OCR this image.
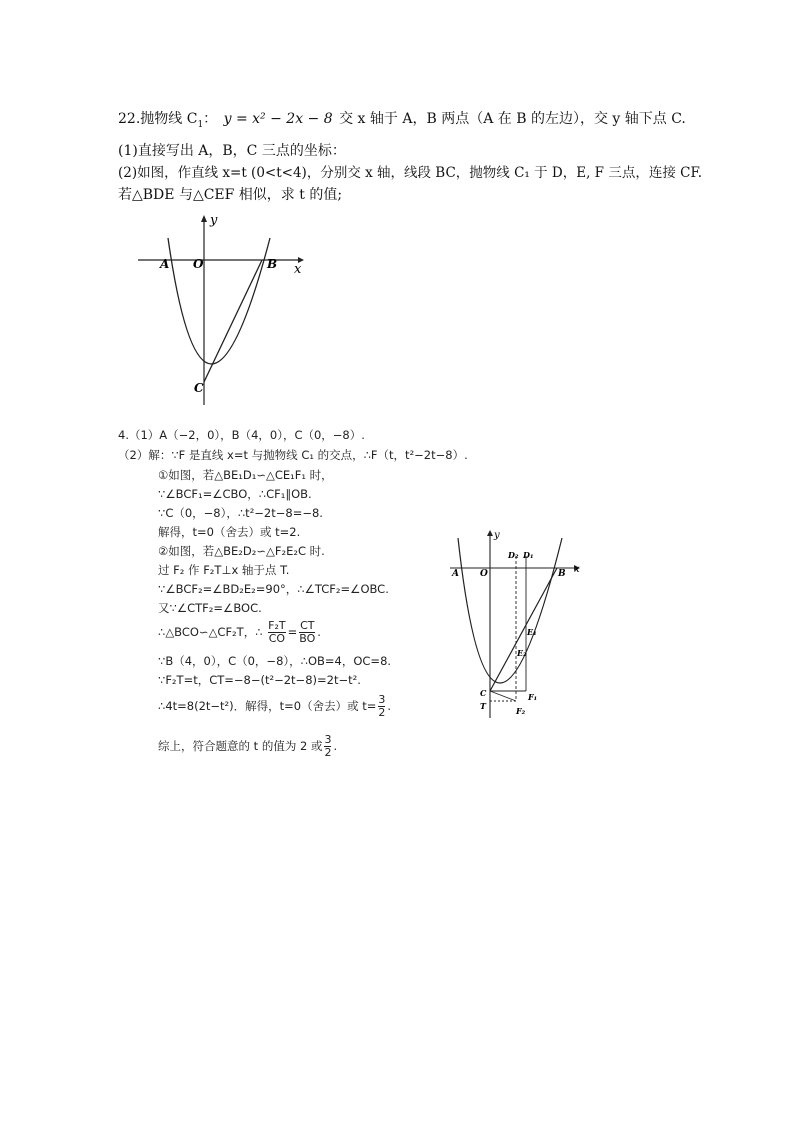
22.抛物线 $C_1$： y = x² − 2x − 8 交 x 轴于 A，B 两点（A 在 B 的左边），交 y 轴下点 C.
(1)直接写出 A，B，C 三点的坐标：
(2)如图，作直线 x=t (0<t<4)，分别交 x 轴，线段 BC，抛物线 C₁ 于 D，E, F 三点，连接 CF.
若△BDE 与△CEF 相似，求 t 的值;
y
x
A O	B
C
4.（1）A（−2，0），B（4，0），C（0，−8）.
（2）解：∵F 是直线 x=t 与抛物线 C₁ 的交点，∴F（t，t²−2t−8）.
①如图，若△BE₁D₁∽△CE₁F₁ 时，
∵∠BCF₁=∠CBO，∴CF₁∥OB.
∵C（0，−8），∴t²−2t−8=−8.
解得，t=0（舍去）或 t=2.
②如图，若△BE₂D₂∽△F₂E₂C 时.
过 F₂ 作 F₂T⊥x 轴于点 T.
∵∠BCF₂=∠BD₂E₂=90°，∴∠TCF₂=∠OBC.
又∵∠CTF₂=∠BOC.
∴△BCO∽△CF₂T，∴ $\frac{\text{F₂T}}{CO} = \frac{CT}{BO}$ .
∵B（4，0），C（0，−8），∴OB=4，OC=8.
∵F₂T=t，CT=−8−(t²−2t−8)=2t−t².
∴4t=8(2t−t²)．解得，t=0（舍去）或 $t= \frac{3}{2}$ .
综上，符合题意的 t 的值为 2 或 $\frac{3}{2}$ .
y
x
A O	B
D₂ D₁
E₁
E₂
C
T
F₁
F₂
